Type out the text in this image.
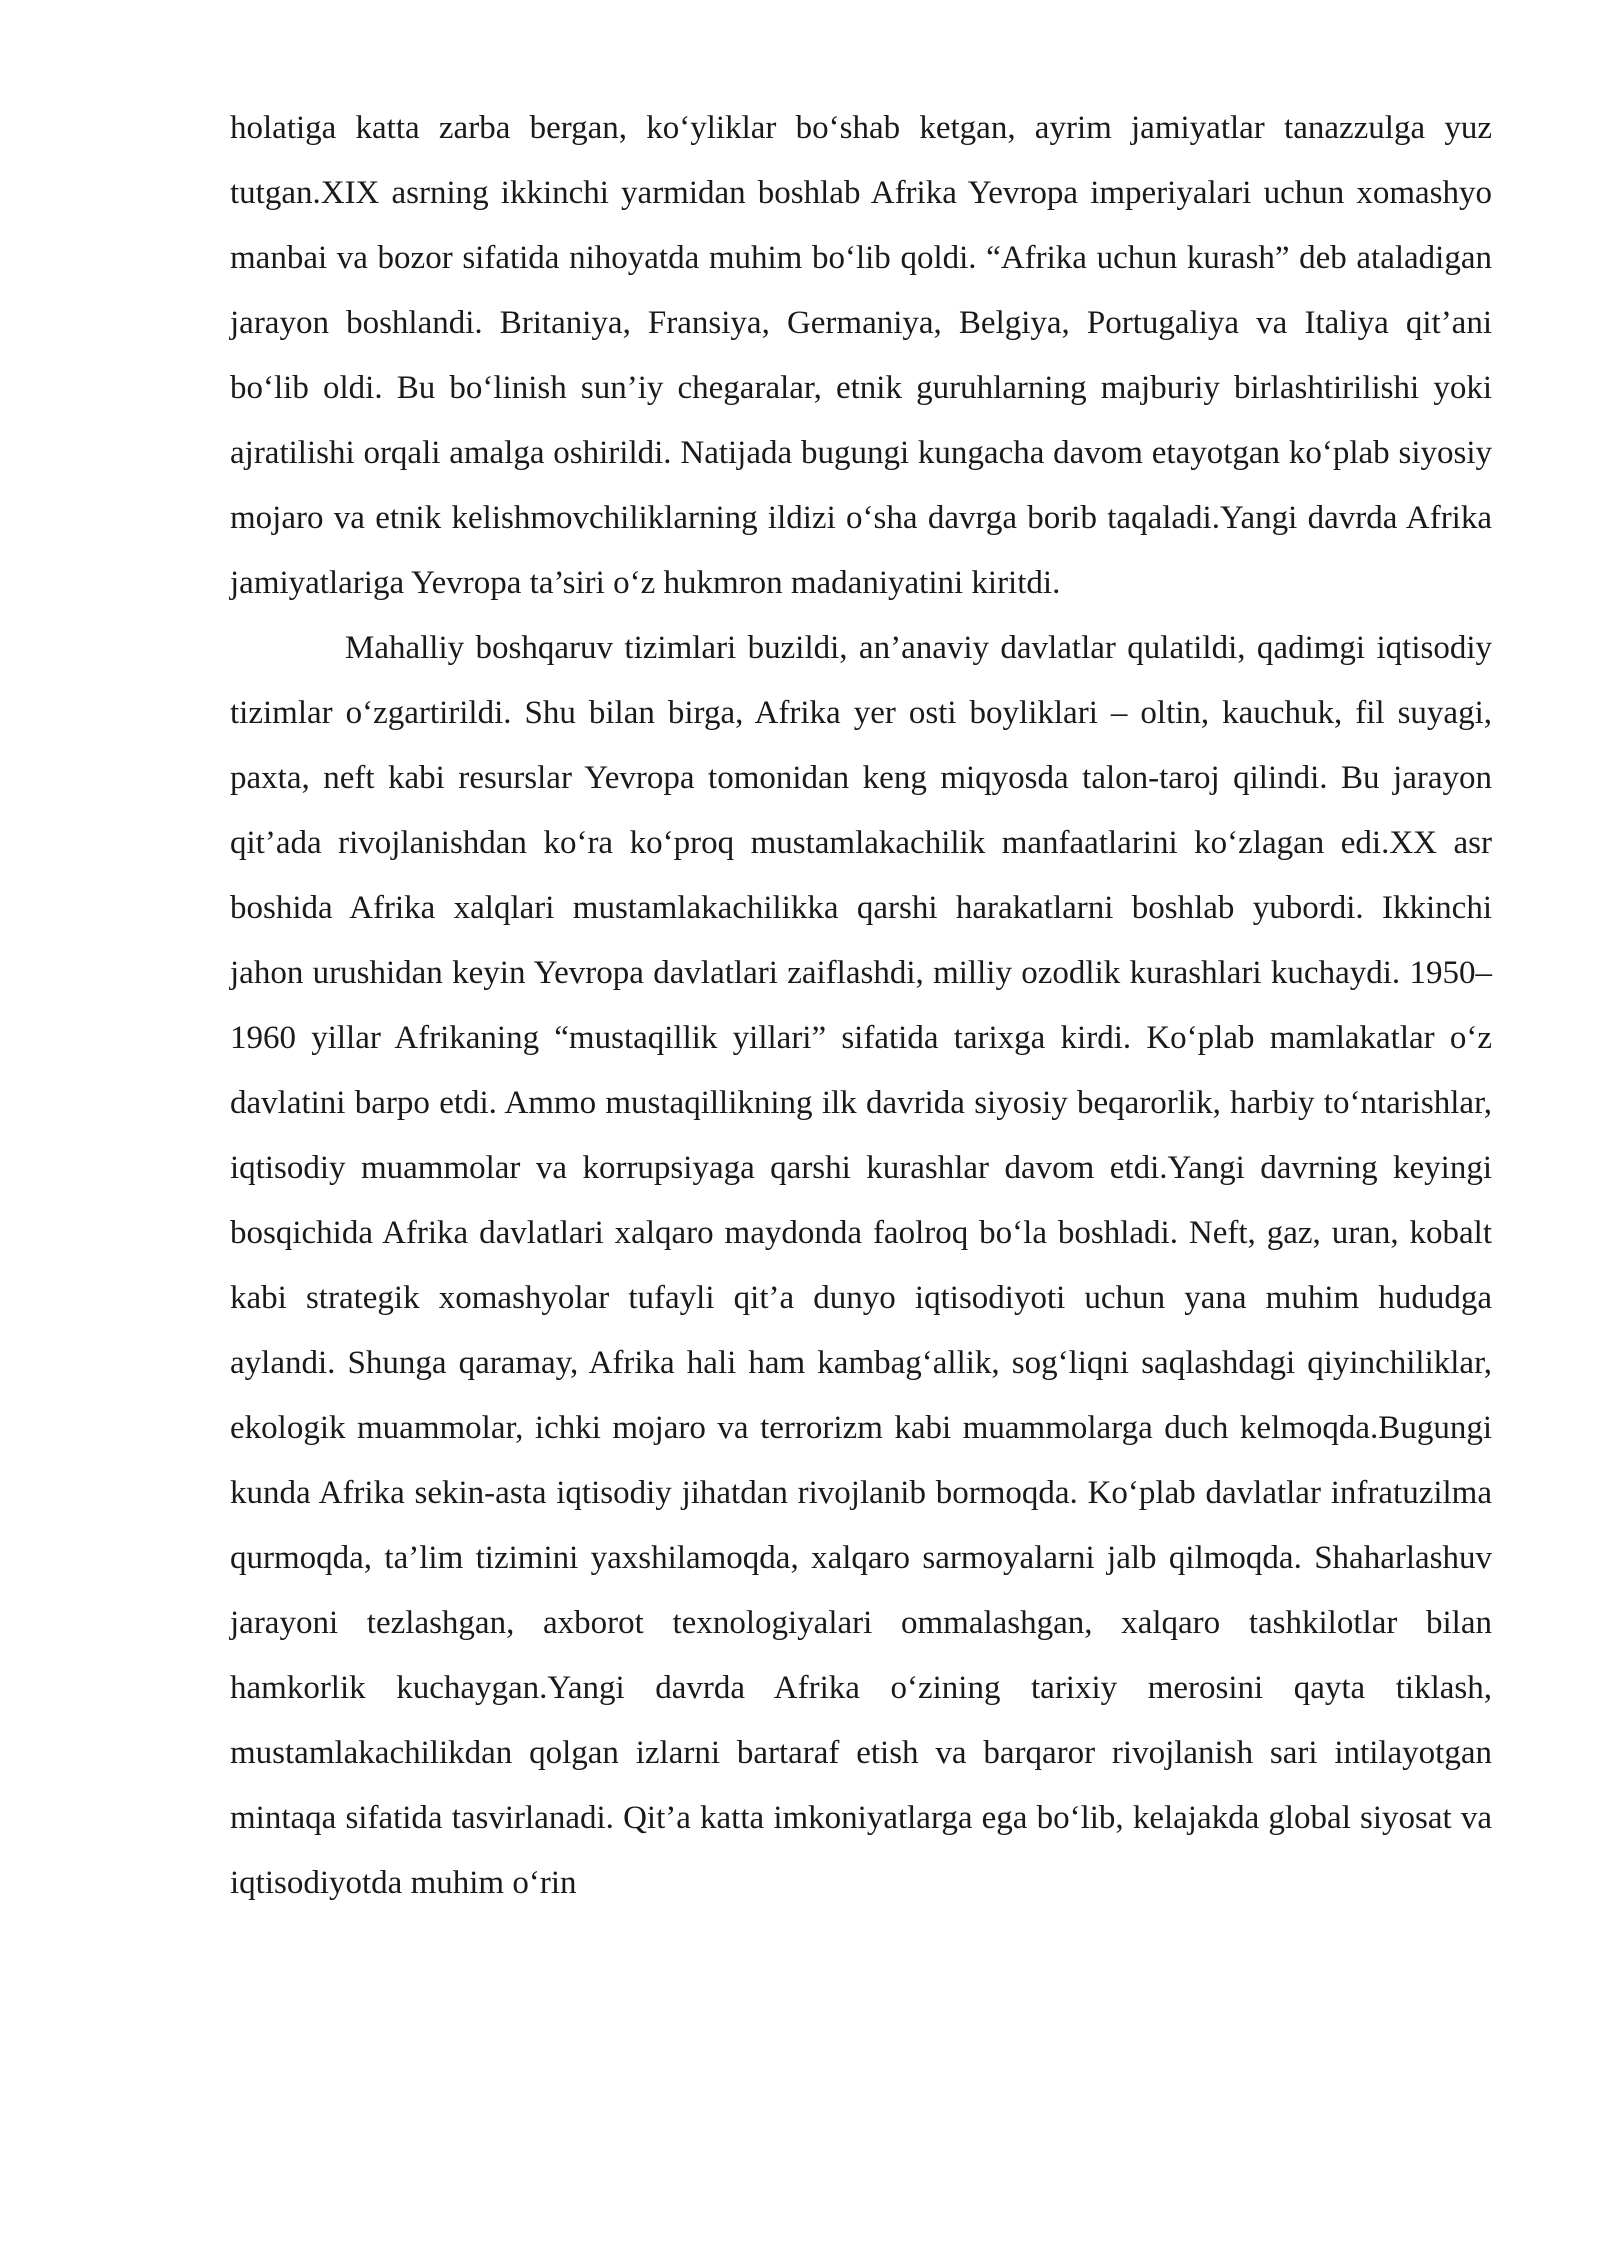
holatiga katta zarba bergan, ko‘yliklar bo‘shab ketgan, ayrim jamiyatlar tanazzulga yuz tutgan.XIX asrning ikkinchi yarmidan boshlab Afrika Yevropa imperiyalari uchun xomashyo manbai va bozor sifatida nihoyatda muhim bo‘lib qoldi. “Afrika uchun kurash” deb ataladigan jarayon boshlandi. Britaniya, Fransiya, Germaniya, Belgiya, Portugaliya va Italiya qit’ani bo‘lib oldi. Bu bo‘linish sun’iy chegaralar, etnik guruhlarning majburiy birlashtirilishi yoki ajratilishi orqali amalga oshirildi. Natijada bugungi kungacha davom etayotgan ko‘plab siyosiy mojaro va etnik kelishmovchiliklarning ildizi o‘sha davrga borib taqaladi.Yangi davrda Afrika jamiyatlariga Yevropa ta’siri o‘z hukmron madaniyatini kiritdi.

Mahalliy boshqaruv tizimlari buzildi, an’anaviy davlatlar qulatildi, qadimgi iqtisodiy tizimlar o‘zgartirildi. Shu bilan birga, Afrika yer osti boyliklari – oltin, kauchuk, fil suyagi, paxta, neft kabi resurslar Yevropa tomonidan keng miqyosda talon-taroj qilindi. Bu jarayon qit’ada rivojlanishdan ko‘ra ko‘proq mustamlakachilik manfaatlarini ko‘zlagan edi.XX asr boshida Afrika xalqlari mustamlakachilikka qarshi harakatlarni boshlab yubordi. Ikkinchi jahon urushidan keyin Yevropa davlatlari zaiflashdi, milliy ozodlik kurashlari kuchaydi. 1950–1960 yillar Afrikaning “mustaqillik yillari” sifatida tarixga kirdi. Ko‘plab mamlakatlar o‘z davlatini barpo etdi. Ammo mustaqillikning ilk davrida siyosiy beqarorlik, harbiy to‘ntarishlar, iqtisodiy muammolar va korrupsiyaga qarshi kurashlar davom etdi.Yangi davrning keyingi bosqichida Afrika davlatlari xalqaro maydonda faolroq bo‘la boshladi. Neft, gaz, uran, kobalt kabi strategik xomashyolar tufayli qit’a dunyo iqtisodiyoti uchun yana muhim hududga aylandi. Shunga qaramay, Afrika hali ham kambag‘allik, sog‘liqni saqlashdagi qiyinchiliklar, ekologik muammolar, ichki mojaro va terrorizm kabi muammolarga duch kelmoqda.Bugungi kunda Afrika sekin-asta iqtisodiy jihatdan rivojlanib bormoqda. Ko‘plab davlatlar infratuzilma qurmoqda, ta’lim tizimini yaxshilamoqda, xalqaro sarmoyalarni jalb qilmoqda. Shaharlashuv jarayoni tezlashgan, axborot texnologiyalari ommalashgan, xalqaro tashkilotlar bilan hamkorlik kuchaygan.Yangi davrda Afrika o‘zining tarixiy merosini qayta tiklash, mustamlakachilikdan qolgan izlarni bartaraf etish va barqaror rivojlanish sari intilayotgan mintaqa sifatida tasvirlanadi. Qit’a katta imkoniyatlarga ega bo‘lib, kelajakda global siyosat va iqtisodiyotda muhim o‘rin
